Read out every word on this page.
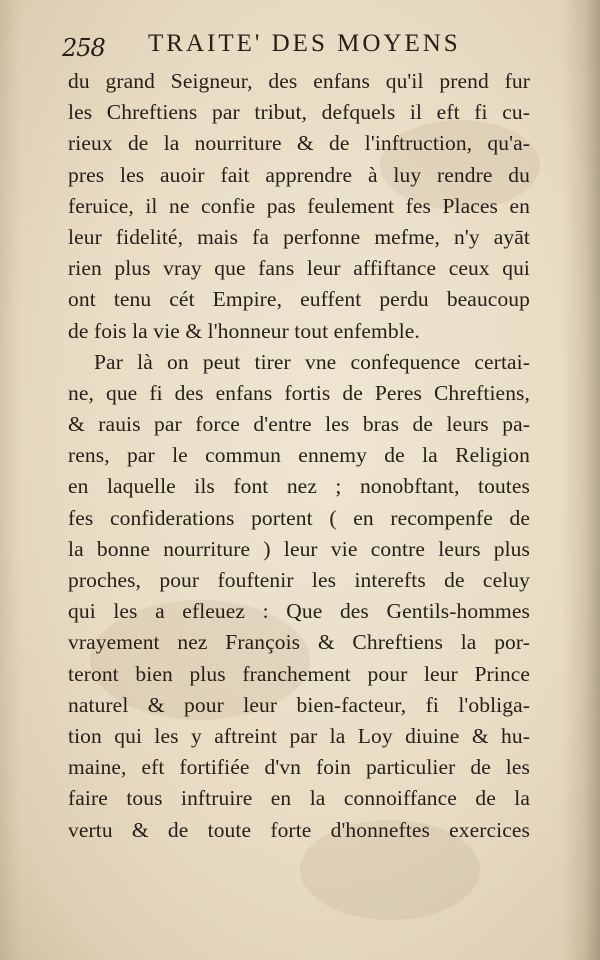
258 TRAITE' DES MOYENS
du grand Seigneur, des enfans qu'il prend fur
les Chreftiens par tribut, defquels il eft fi cu-
rieux de la nourriture & de l'inftruction, qu'a-
pres les auoir fait apprendre à luy rendre du
feruice, il ne confie pas feulement fes Places en
leur fidelité, mais fa perfonne mefme, n'y ayāt
rien plus vray que fans leur affiftance ceux qui
ont tenu cét Empire, euffent perdu beaucoup
de fois la vie & l'honneur tout enfemble.
Par là on peut tirer vne confequence certai-
ne, que fi des enfans fortis de Peres Chreftiens,
& rauis par force d'entre les bras de leurs pa-
rens, par le commun ennemy de la Religion
en laquelle ils font nez ; nonobftant, toutes
fes confiderations portent ( en recompenfe de
la bonne nourriture ) leur vie contre leurs plus
proches, pour fouftenir les interefts de celuy
qui les a efleuez : Que des Gentils-hommes
vrayement nez François & Chreftiens la por-
teront bien plus franchement pour leur Prince
naturel & pour leur bien-facteur, fi l'obliga-
tion qui les y aftreint par la Loy diuine & hu-
maine, eft fortifiée d'vn foin particulier de les
faire tous inftruire en la connoiffance de la
vertu & de toute forte d'honneftes exercices
